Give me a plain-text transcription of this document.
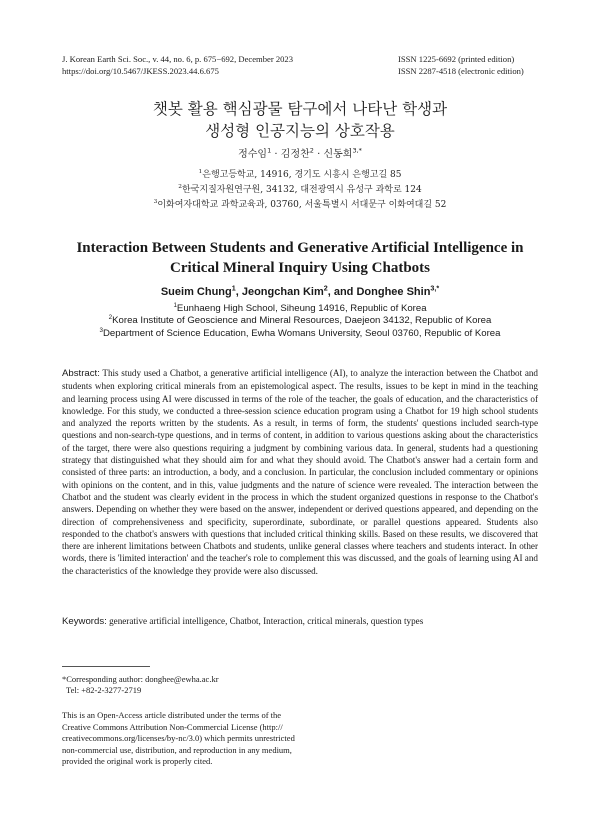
J. Korean Earth Sci. Soc., v. 44, no. 6, p. 675−692, December 2023
https://doi.org/10.5467/JKESS.2023.44.6.675
ISSN 1225-6692 (printed edition)
ISSN 2287-4518 (electronic edition)
챗봇 활용 핵심광물 탐구에서 나타난 학생과
생성형 인공지능의 상호작용
정수임$^1$ · 김정찬$^2$ · 신동희$^{3,*}$
$^1$은행고등학교, 14916, 경기도 시흥시 은행고길 85
$^2$한국지질자원연구원, 34132, 대전광역시 유성구 과학로 124
$^3$이화여자대학교 과학교육과, 03760, 서울특별시 서대문구 이화여대길 52
Interaction Between Students and Generative Artificial Intelligence in
Critical Mineral Inquiry Using Chatbots
Sueim Chung$^1$, Jeongchan Kim$^2$, and Donghee Shin$^{3,*}$
$^1$Eunhaeng High School, Siheung 14916, Republic of Korea
$^2$Korea Institute of Geoscience and Mineral Resources, Daejeon 34132, Republic of Korea
$^3$Department of Science Education, Ewha Womans University, Seoul 03760, Republic of Korea
Abstract: This study used a Chatbot, a generative artificial intelligence (AI), to analyze the interaction between the Chatbot and students when exploring critical minerals from an epistemological aspect. The results, issues to be kept in mind in the teaching and learning process using AI were discussed in terms of the role of the teacher, the goals of education, and the characteristics of knowledge. For this study, we conducted a three-session science education program using a Chatbot for 19 high school students and analyzed the reports written by the students. As a result, in terms of form, the students' questions included search-type questions and non-search-type questions, and in terms of content, in addition to various questions asking about the characteristics of the target, there were also questions requiring a judgment by combining various data. In general, students had a questioning strategy that distinguished what they should aim for and what they should avoid. The Chatbot's answer had a certain form and consisted of three parts: an introduction, a body, and a conclusion. In particular, the conclusion included commentary or opinions with opinions on the content, and in this, value judgments and the nature of science were revealed. The interaction between the Chatbot and the student was clearly evident in the process in which the student organized questions in response to the Chatbot's answers. Depending on whether they were based on the answer, independent or derived questions appeared, and depending on the direction of comprehensiveness and specificity, superordinate, subordinate, or parallel questions appeared. Students also responded to the chatbot's answers with questions that included critical thinking skills. Based on these results, we discovered that there are inherent limitations between Chatbots and students, unlike general classes where teachers and students interact. In other words, there is 'limited interaction' and the teacher's role to complement this was discussed, and the goals of learning using AI and the characteristics of the knowledge they provide were also discussed.
Keywords: generative artificial intelligence, Chatbot, Interaction, critical minerals, question types
*Corresponding author: donghee@ewha.ac.kr
Tel: +82-2-3277-2719
This is an Open-Access article distributed under the terms of the
Creative Commons Attribution Non-Commercial License (http://
creativecommons.org/licenses/by-nc/3.0) which permits unrestricted
non-commercial use, distribution, and reproduction in any medium,
provided the original work is properly cited.
